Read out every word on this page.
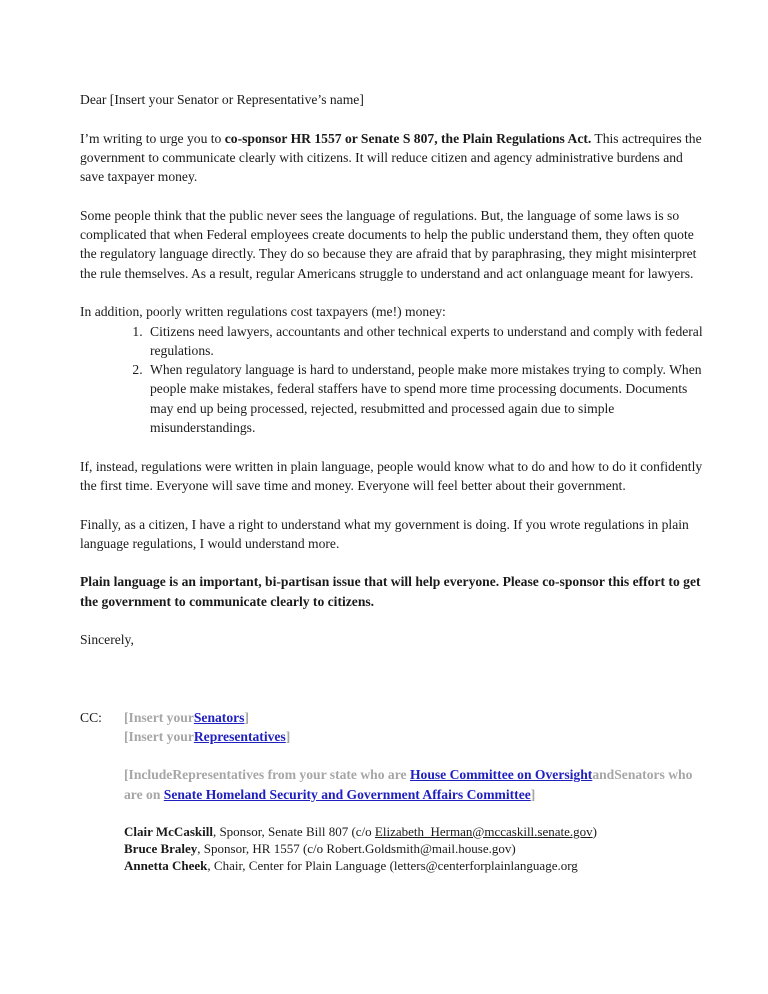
Dear [Insert your Senator or Representative’s name]

I’m writing to urge you to co-sponsor HR 1557 or Senate S 807, the Plain Regulations Act. This actrequires the government to communicate clearly with citizens. It will reduce citizen and agency administrative burdens and save taxpayer money.

Some people think that the public never sees the language of regulations. But, the language of some laws is so complicated that when Federal employees create documents to help the public understand them, they often quote the regulatory language directly. They do so because they are afraid that by paraphrasing, they might misinterpret the rule themselves. As a result, regular Americans struggle to understand and act onlanguage meant for lawyers.

In addition, poorly written regulations cost taxpayers (me!) money:
1. Citizens need lawyers, accountants and other technical experts to understand and comply with federal regulations.
2. When regulatory language is hard to understand, people make more mistakes trying to comply. When people make mistakes, federal staffers have to spend more time processing documents. Documents may end up being processed, rejected, resubmitted and processed again due to simple misunderstandings.

If, instead, regulations were written in plain language, people would know what to do and how to do it confidently the first time. Everyone will save time and money. Everyone will feel better about their government.

Finally, as a citizen, I have a right to understand what my government is doing. If you wrote regulations in plain language regulations, I would understand more.

Plain language is an important, bi-partisan issue that will help everyone. Please co-sponsor this effort to get the government to communicate clearly to citizens.

Sincerely,

CC:	[Insert yourSenators]
[Insert yourRepresentatives]
[IncludeRepresentatives from your state who are House Committee on OversightandSenators who are on Senate Homeland Security and Government Affairs Committee]
Clair McCaskill, Sponsor, Senate Bill 807 (c/o Elizabeth_Herman@mccaskill.senate.gov)
Bruce Braley, Sponsor, HR 1557 (c/o Robert.Goldsmith@mail.house.gov)
Annetta Cheek, Chair, Center for Plain Language (letters@centerforplainlanguage.org
